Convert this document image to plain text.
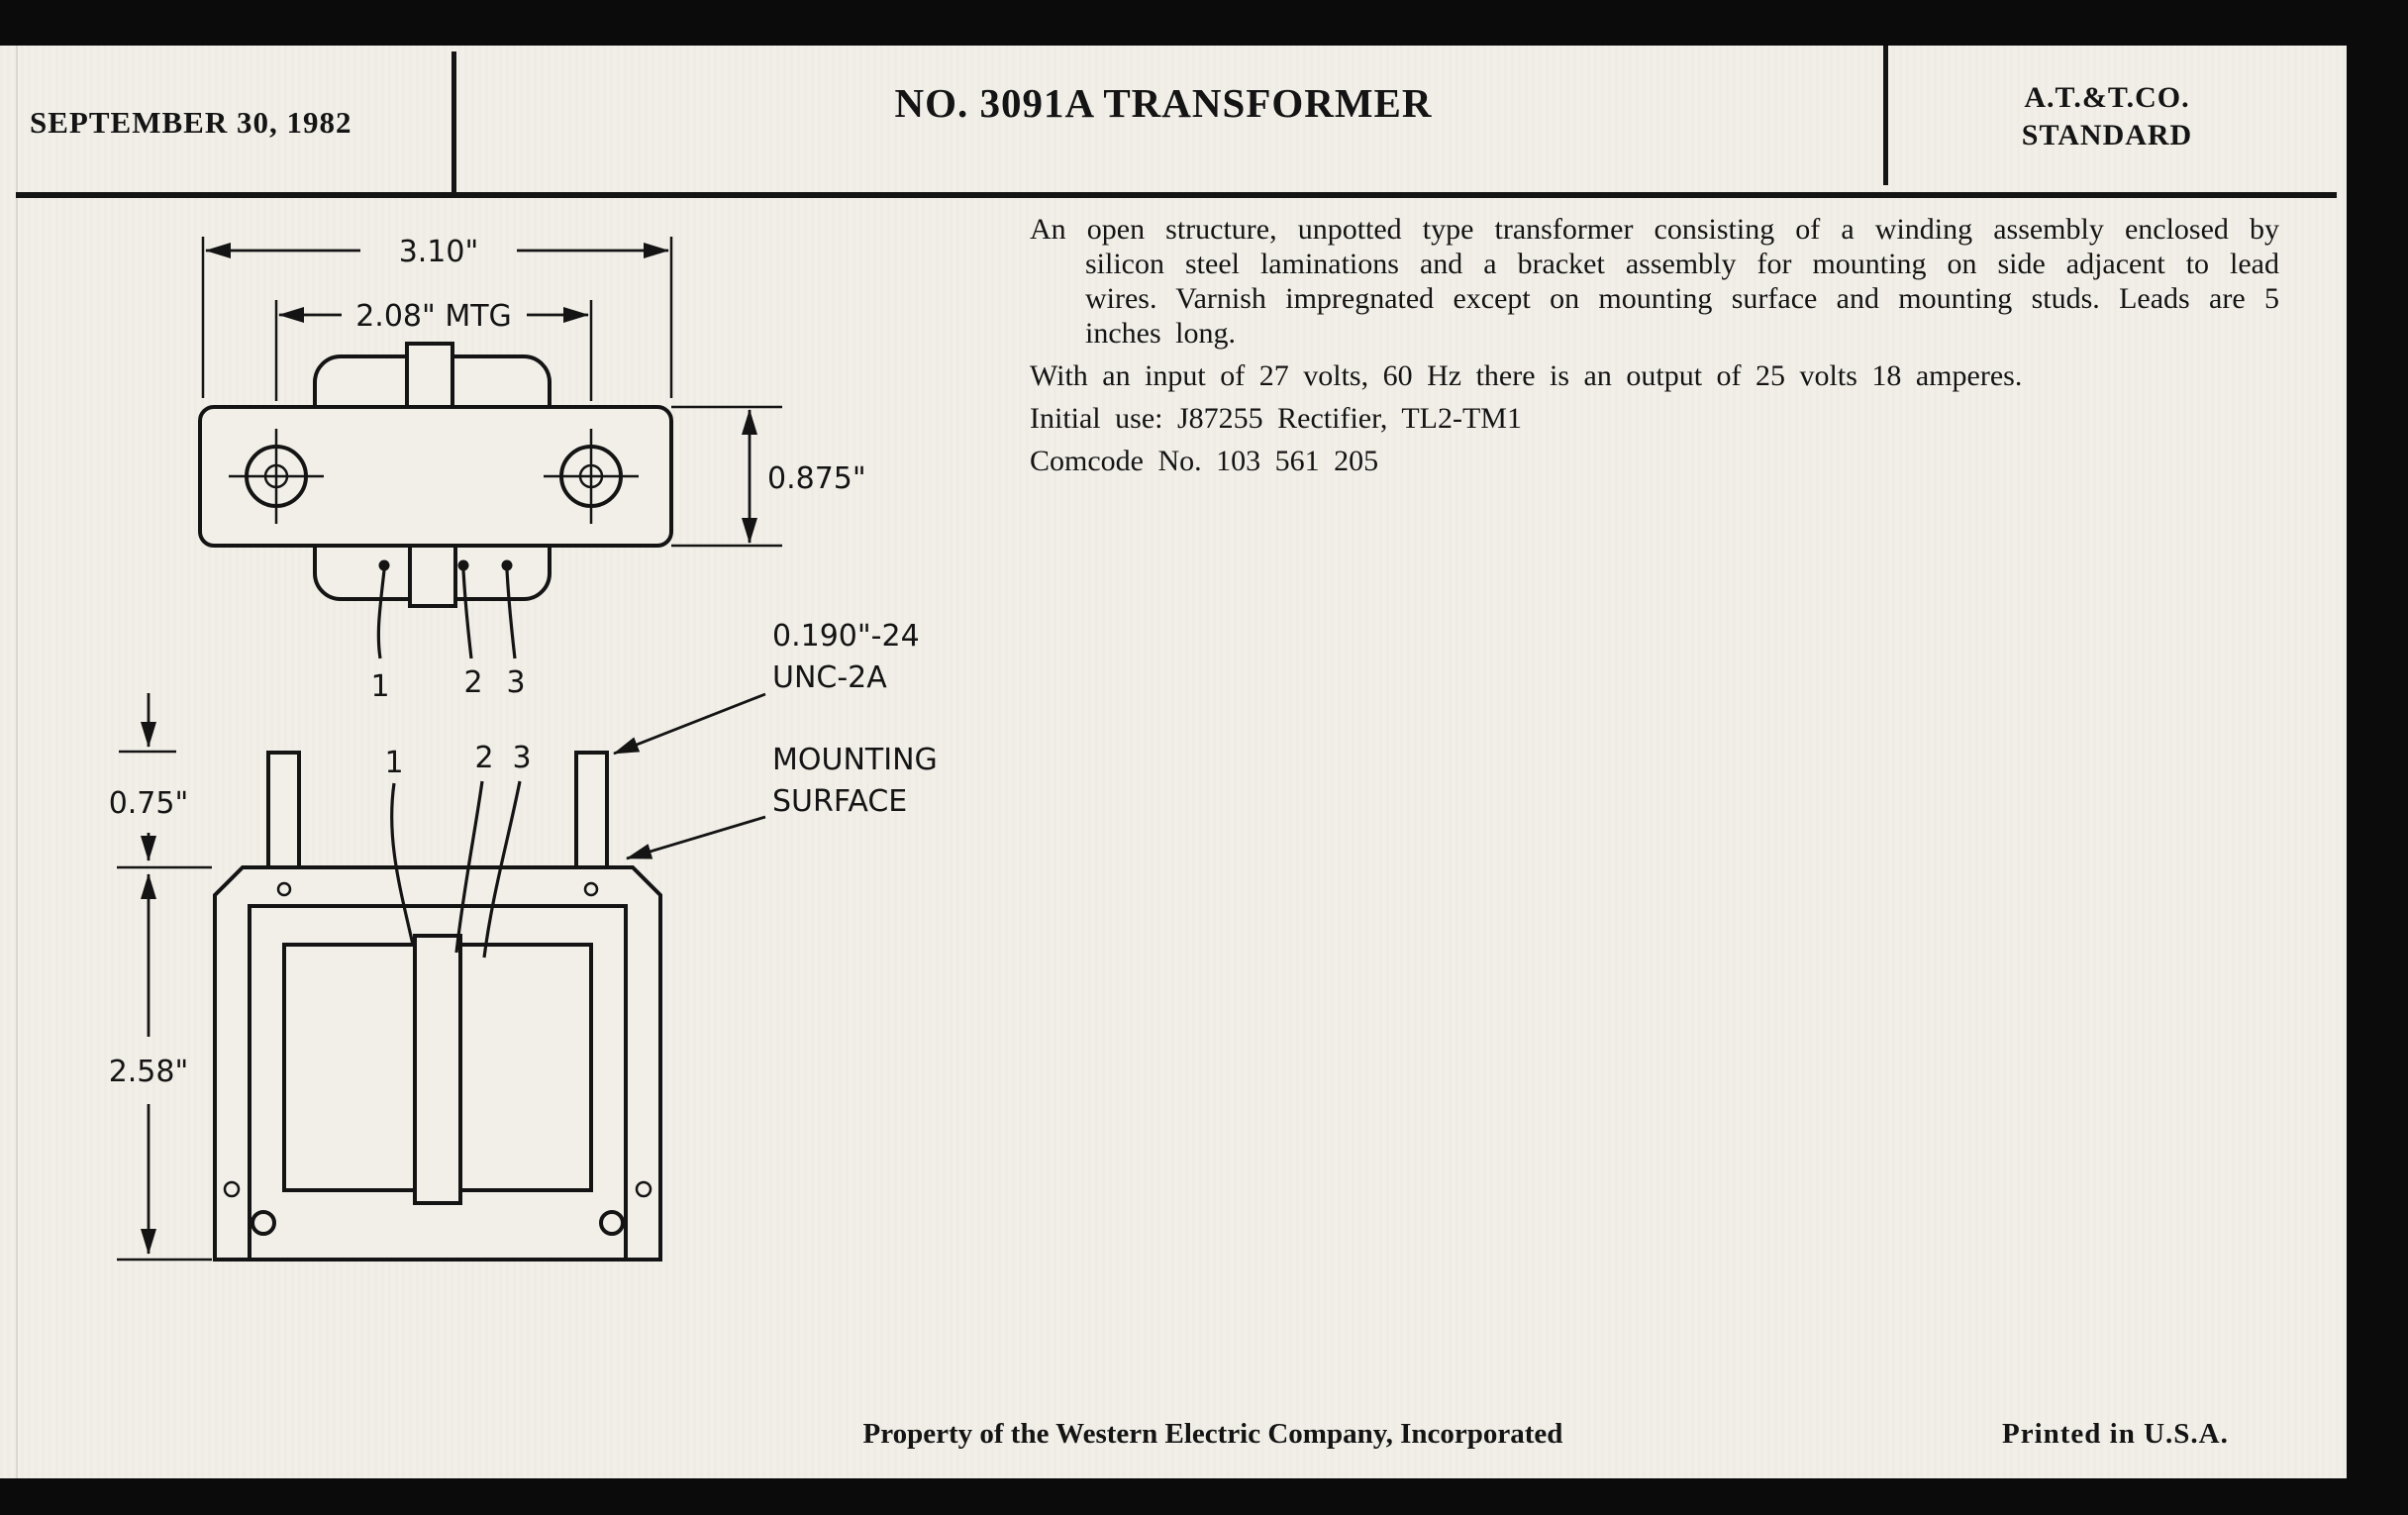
SEPTEMBER 30, 1982	NO. 3091A TRANSFORMER	A.T.&T.CO.
STANDARD

An open structure, unpotted type transformer consisting of a winding assembly enclosed by silicon steel laminations and a bracket assembly for mounting on side adjacent to lead wires. Varnish impregnated except on mounting surface and mounting studs. Leads are 5 inches long.

With an input of 27 volts, 60 Hz there is an output of 25 volts 18 amperes.

Initial use: J87255 Rectifier, TL2-TM1

Comcode No. 103 561 205

3.10"
2.08" MTG
0.875"
1 2 3
0.75"
2.58"
1 2 3
0.190"-24
UNC-2A
MOUNTING
SURFACE
Property of the Western Electric Company, Incorporated	Printed in U.S.A.
